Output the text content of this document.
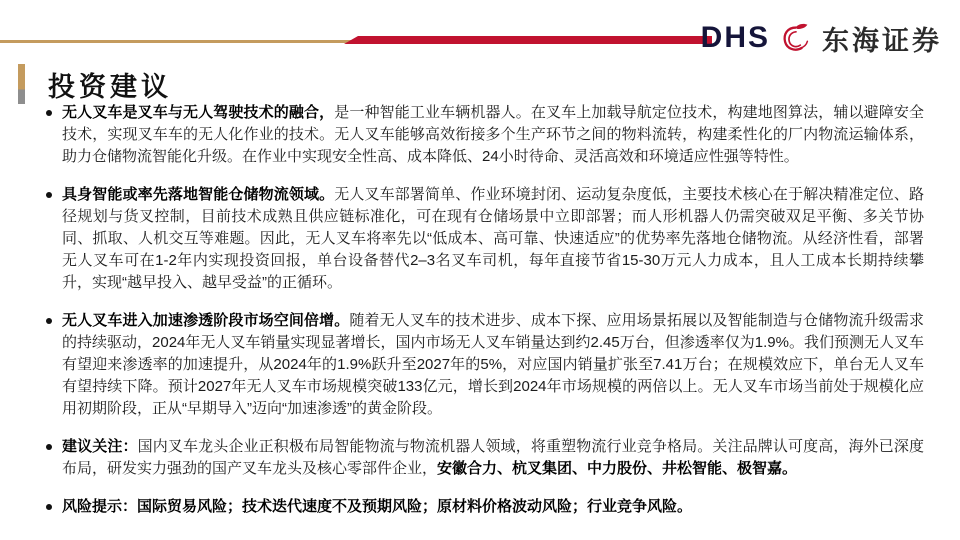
DHS 东海证券
投资建议
无人叉车是叉车与无人驾驶技术的融合，是一种智能工业车辆机器人。在叉车上加载导航定位技术，构建地图算法，辅以避障安全技术，实现叉车车的无人化作业的技术。无人叉车能够高效衔接多个生产环节之间的物料流转，构建柔性化的厂内物流运输体系，助力仓储物流智能化升级。在作业中实现安全性高、成本降低、24小时待命、灵活高效和环境适应性强等特性。
具身智能或率先落地智能仓储物流领域。无人叉车部署简单、作业环境封闭、运动复杂度低，主要技术核心在于解决精准定位、路径规划与货叉控制，目前技术成熟且供应链标准化，可在现有仓储场景中立即部署；而人形机器人仍需突破双足平衡、多关节协同、抓取、人机交互等难题。因此，无人叉车将率先以“低成本、高可靠、快速适应”的优势率先落地仓储物流。从经济性看，部署无人叉车可在1-2年内实现投资回报，单台设备替代2–3名叉车司机，每年直接节省15-30万元人力成本，且人工成本长期持续攀升，实现“越早投入、越早受益”的正循环。
无人叉车进入加速渗透阶段市场空间倍增。随着无人叉车的技术进步、成本下探、应用场景拓展以及智能制造与仓储物流升级需求的持续驱动，2024年无人叉车销量实现显著增长，国内市场无人叉车销量达到约2.45万台，但渗透率仅为1.9%。我们预测无人叉车有望迎来渗透率的加速提升，从2024年的1.9%跃升至2027年的5%，对应国内销量扩张至7.41万台；在规模效应下，单台无人叉车有望持续下降。预计2027年无人叉车市场规模突破133亿元，增长到2024年市场规模的两倍以上。无人叉车市场当前处于规模化应用初期阶段，正从“早期导入”迈向“加速渗透”的黄金阶段。
建议关注：国内叉车龙头企业正积极布局智能物流与物流机器人领域，将重塑物流行业竞争格局。关注品牌认可度高，海外已深度布局，研发实力强劲的国产叉车龙头及核心零部件企业，安徽合力、杭叉集团、中力股份、井松智能、极智嘉。
风险提示：国际贸易风险；技术迭代速度不及预期风险；原材料价格波动风险；行业竞争风险。
